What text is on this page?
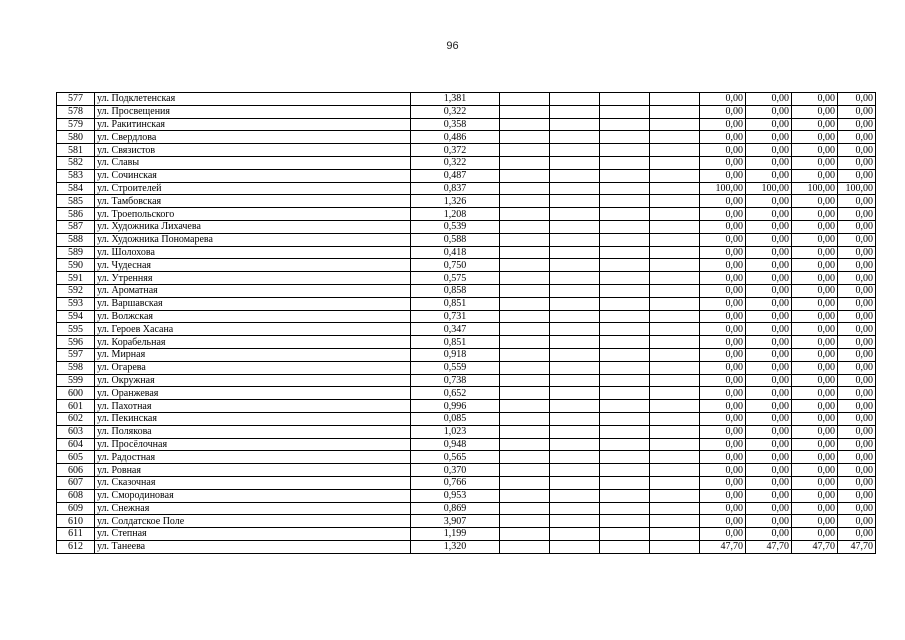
96
577	ул. Подклетенская	1,381					0,00	0,00	0,00	0,00
578	ул. Просвещения	0,322					0,00	0,00	0,00	0,00
579	ул. Ракитинская	0,358					0,00	0,00	0,00	0,00
580	ул. Свердлова	0,486					0,00	0,00	0,00	0,00
581	ул. Связистов	0,372					0,00	0,00	0,00	0,00
582	ул. Славы	0,322					0,00	0,00	0,00	0,00
583	ул. Сочинская	0,487					0,00	0,00	0,00	0,00
584	ул. Строителей	0,837					100,00	100,00	100,00	100,00
585	ул. Тамбовская	1,326					0,00	0,00	0,00	0,00
586	ул. Троепольского	1,208					0,00	0,00	0,00	0,00
587	ул. Художника Лихачева	0,539					0,00	0,00	0,00	0,00
588	ул. Художника Пономарева	0,588					0,00	0,00	0,00	0,00
589	ул. Шолохова	0,418					0,00	0,00	0,00	0,00
590	ул. Чудесная	0,750					0,00	0,00	0,00	0,00
591	ул. Утренняя	0,575					0,00	0,00	0,00	0,00
592	ул. Ароматная	0,858					0,00	0,00	0,00	0,00
593	ул. Варшавская	0,851					0,00	0,00	0,00	0,00
594	ул. Волжская	0,731					0,00	0,00	0,00	0,00
595	ул. Героев Хасана	0,347					0,00	0,00	0,00	0,00
596	ул. Корабельная	0,851					0,00	0,00	0,00	0,00
597	ул. Мирная	0,918					0,00	0,00	0,00	0,00
598	ул. Огарева	0,559					0,00	0,00	0,00	0,00
599	ул. Окружная	0,738					0,00	0,00	0,00	0,00
600	ул. Оранжевая	0,652					0,00	0,00	0,00	0,00
601	ул. Пахотная	0,996					0,00	0,00	0,00	0,00
602	ул. Пекинская	0,085					0,00	0,00	0,00	0,00
603	ул. Полякова	1,023					0,00	0,00	0,00	0,00
604	ул. Просёлочная	0,948					0,00	0,00	0,00	0,00
605	ул. Радостная	0,565					0,00	0,00	0,00	0,00
606	ул. Ровная	0,370					0,00	0,00	0,00	0,00
607	ул. Сказочная	0,766					0,00	0,00	0,00	0,00
608	ул. Смородиновая	0,953					0,00	0,00	0,00	0,00
609	ул. Снежная	0,869					0,00	0,00	0,00	0,00
610	ул. Солдатское Поле	3,907					0,00	0,00	0,00	0,00
611	ул. Степная	1,199					0,00	0,00	0,00	0,00
612	ул. Танеева	1,320					47,70	47,70	47,70	47,70
